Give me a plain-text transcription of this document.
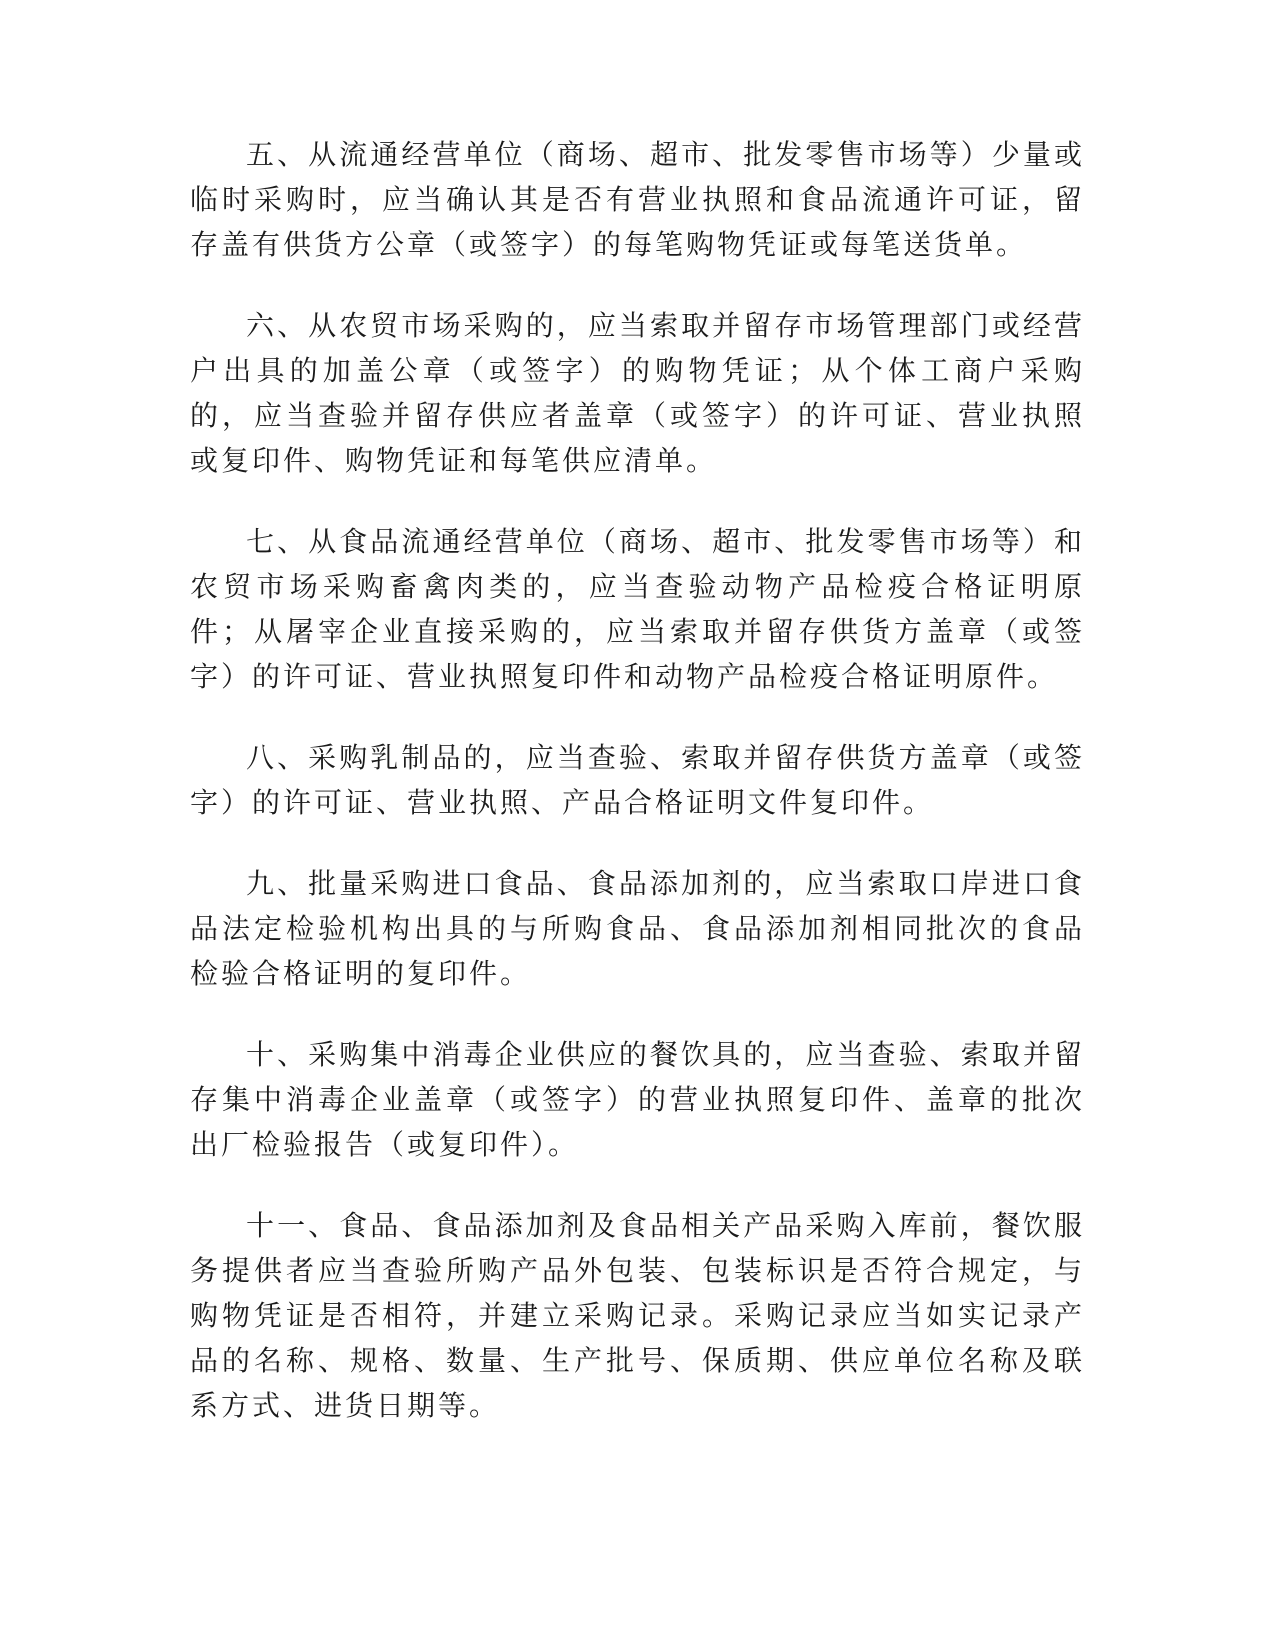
五、从流通经营单位（商场、超市、批发零售市场等）少量或临时采购时，应当确认其是否有营业执照和食品流通许可证，留存盖有供货方公章（或签字）的每笔购物凭证或每笔送货单。

六、从农贸市场采购的，应当索取并留存市场管理部门或经营户出具的加盖公章（或签字）的购物凭证；从个体工商户采购的，应当查验并留存供应者盖章（或签字）的许可证、营业执照或复印件、购物凭证和每笔供应清单。

七、从食品流通经营单位（商场、超市、批发零售市场等）和农贸市场采购畜禽肉类的，应当查验动物产品检疫合格证明原件；从屠宰企业直接采购的，应当索取并留存供货方盖章（或签字）的许可证、营业执照复印件和动物产品检疫合格证明原件。

八、采购乳制品的，应当查验、索取并留存供货方盖章（或签字）的许可证、营业执照、产品合格证明文件复印件。

九、批量采购进口食品、食品添加剂的，应当索取口岸进口食品法定检验机构出具的与所购食品、食品添加剂相同批次的食品检验合格证明的复印件。

十、采购集中消毒企业供应的餐饮具的，应当查验、索取并留存集中消毒企业盖章（或签字）的营业执照复印件、盖章的批次出厂检验报告（或复印件）。

十一、食品、食品添加剂及食品相关产品采购入库前，餐饮服务提供者应当查验所购产品外包装、包装标识是否符合规定，与购物凭证是否相符，并建立采购记录。采购记录应当如实记录产品的名称、规格、数量、生产批号、保质期、供应单位名称及联系方式、进货日期等。
